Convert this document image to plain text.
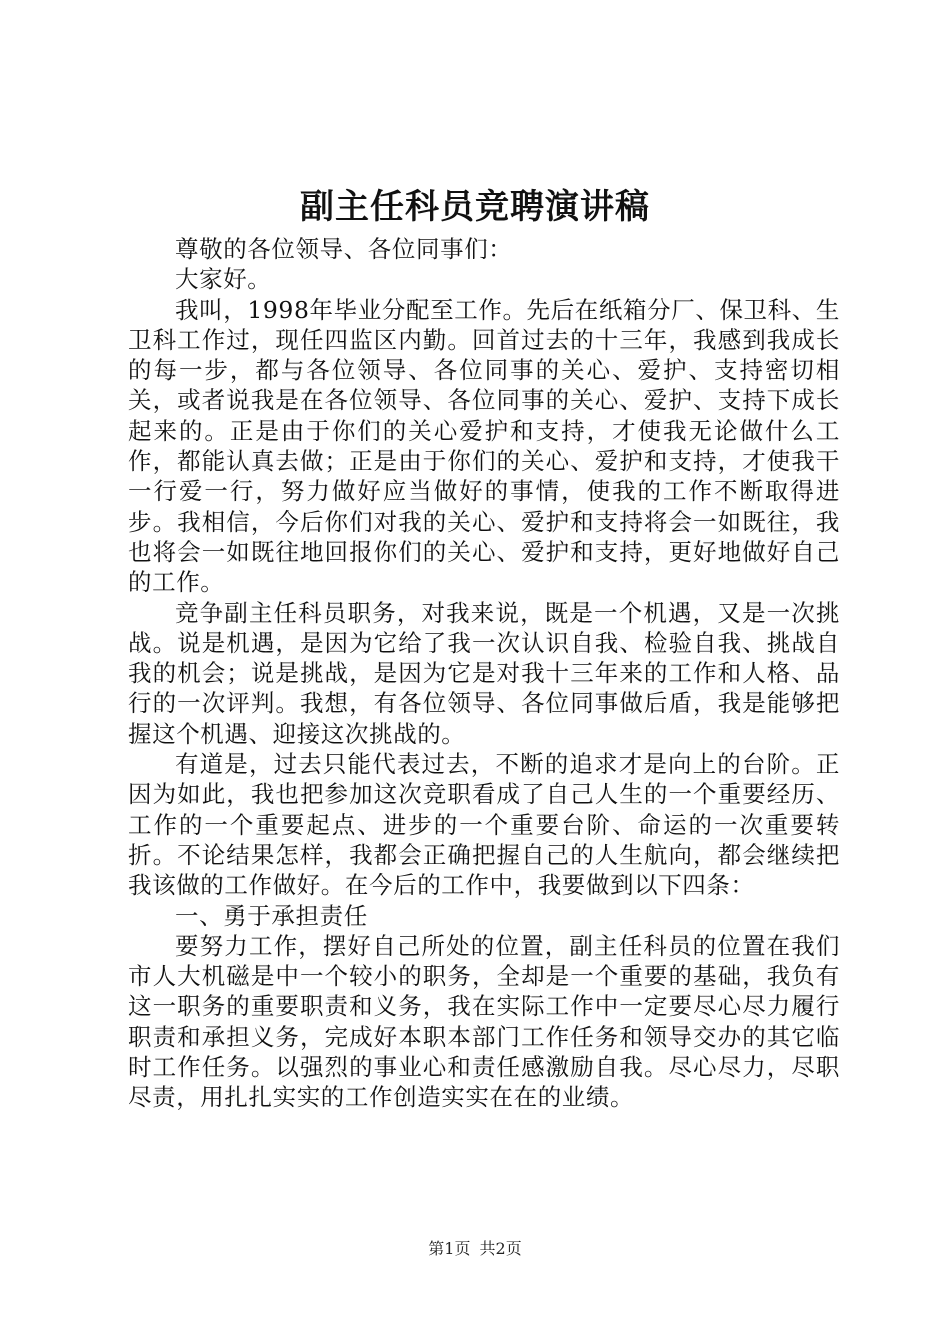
副主任科员竞聘演讲稿

尊敬的各位领导、各位同事们：

大家好。

我叫，1998年毕业分配至工作。先后在纸箱分厂、保卫科、生卫科工作过，现任四监区内勤。回首过去的十三年，我感到我成长的每一步，都与各位领导、各位同事的关心、爱护、支持密切相关，或者说我是在各位领导、各位同事的关心、爱护、支持下成长起来的。正是由于你们的关心爱护和支持，才使我无论做什么工作，都能认真去做；正是由于你们的关心、爱护和支持，才使我干一行爱一行，努力做好应当做好的事情，使我的工作不断取得进步。我相信，今后你们对我的关心、爱护和支持将会一如既往，我也将会一如既往地回报你们的关心、爱护和支持，更好地做好自己的工作。

竞争副主任科员职务，对我来说，既是一个机遇，又是一次挑战。说是机遇，是因为它给了我一次认识自我、检验自我、挑战自我的机会；说是挑战，是因为它是对我十三年来的工作和人格、品行的一次评判。我想，有各位领导、各位同事做后盾，我是能够把握这个机遇、迎接这次挑战的。

有道是，过去只能代表过去，不断的追求才是向上的台阶。正因为如此，我也把参加这次竞职看成了自己人生的一个重要经历、工作的一个重要起点、进步的一个重要台阶、命运的一次重要转折。不论结果怎样，我都会正确把握自己的人生航向，都会继续把我该做的工作做好。在今后的工作中，我要做到以下四条：

一、勇于承担责任

要努力工作，摆好自己所处的位置，副主任科员的位置在我们市人大机磁是中一个较小的职务，全却是一个重要的基础，我负有这一职务的重要职责和义务，我在实际工作中一定要尽心尽力履行职责和承担义务，完成好本职本部门工作任务和领导交办的其它临时工作任务。以强烈的事业心和责任感激励自我。尽心尽力，尽职尽责，用扎扎实实的工作创造实实在在的业绩。

第1页 共2页
